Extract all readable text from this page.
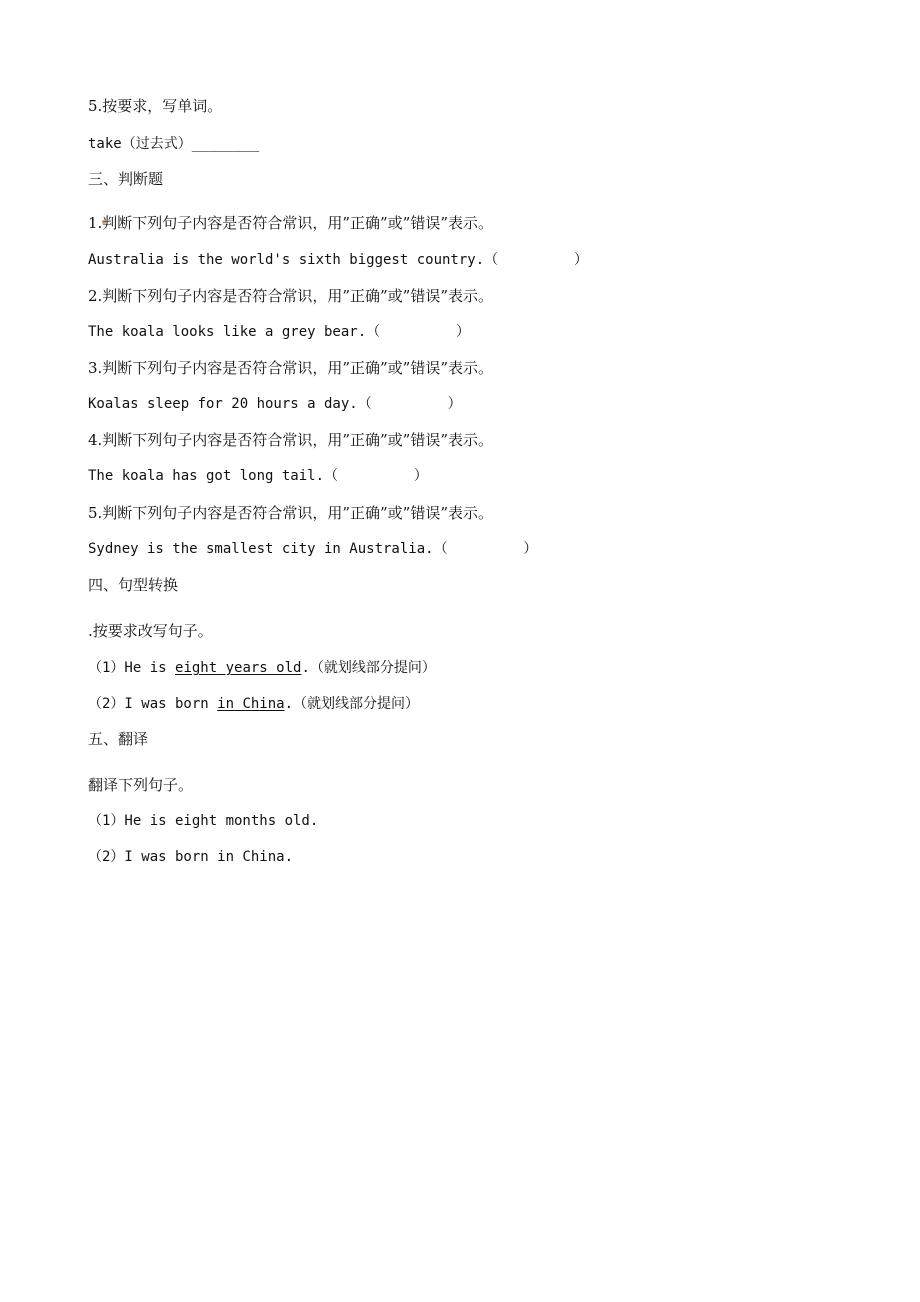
5.按要求，写单词。
take（过去式）________
三、判断题
1.判断下列句子内容是否符合常识，用”正确”或”错误”表示。
Australia is the world's sixth biggest country.（         ）
2.判断下列句子内容是否符合常识，用”正确”或”错误”表示。
The koala looks like a grey bear.（         ）
3.判断下列句子内容是否符合常识，用”正确”或”错误”表示。
Koalas sleep for 20 hours a day.（         ）
4.判断下列句子内容是否符合常识，用”正确”或”错误”表示。
The koala has got long tail.（         ）
5.判断下列句子内容是否符合常识，用”正确”或”错误”表示。
Sydney is the smallest city in Australia.（         ）
四、句型转换
.按要求改写句子。
（1）He is eight years old.（就划线部分提问）
（2）I was born in China.（就划线部分提问）
五、翻译
翻译下列句子。
（1）He is eight months old.
（2）I was born in China.
